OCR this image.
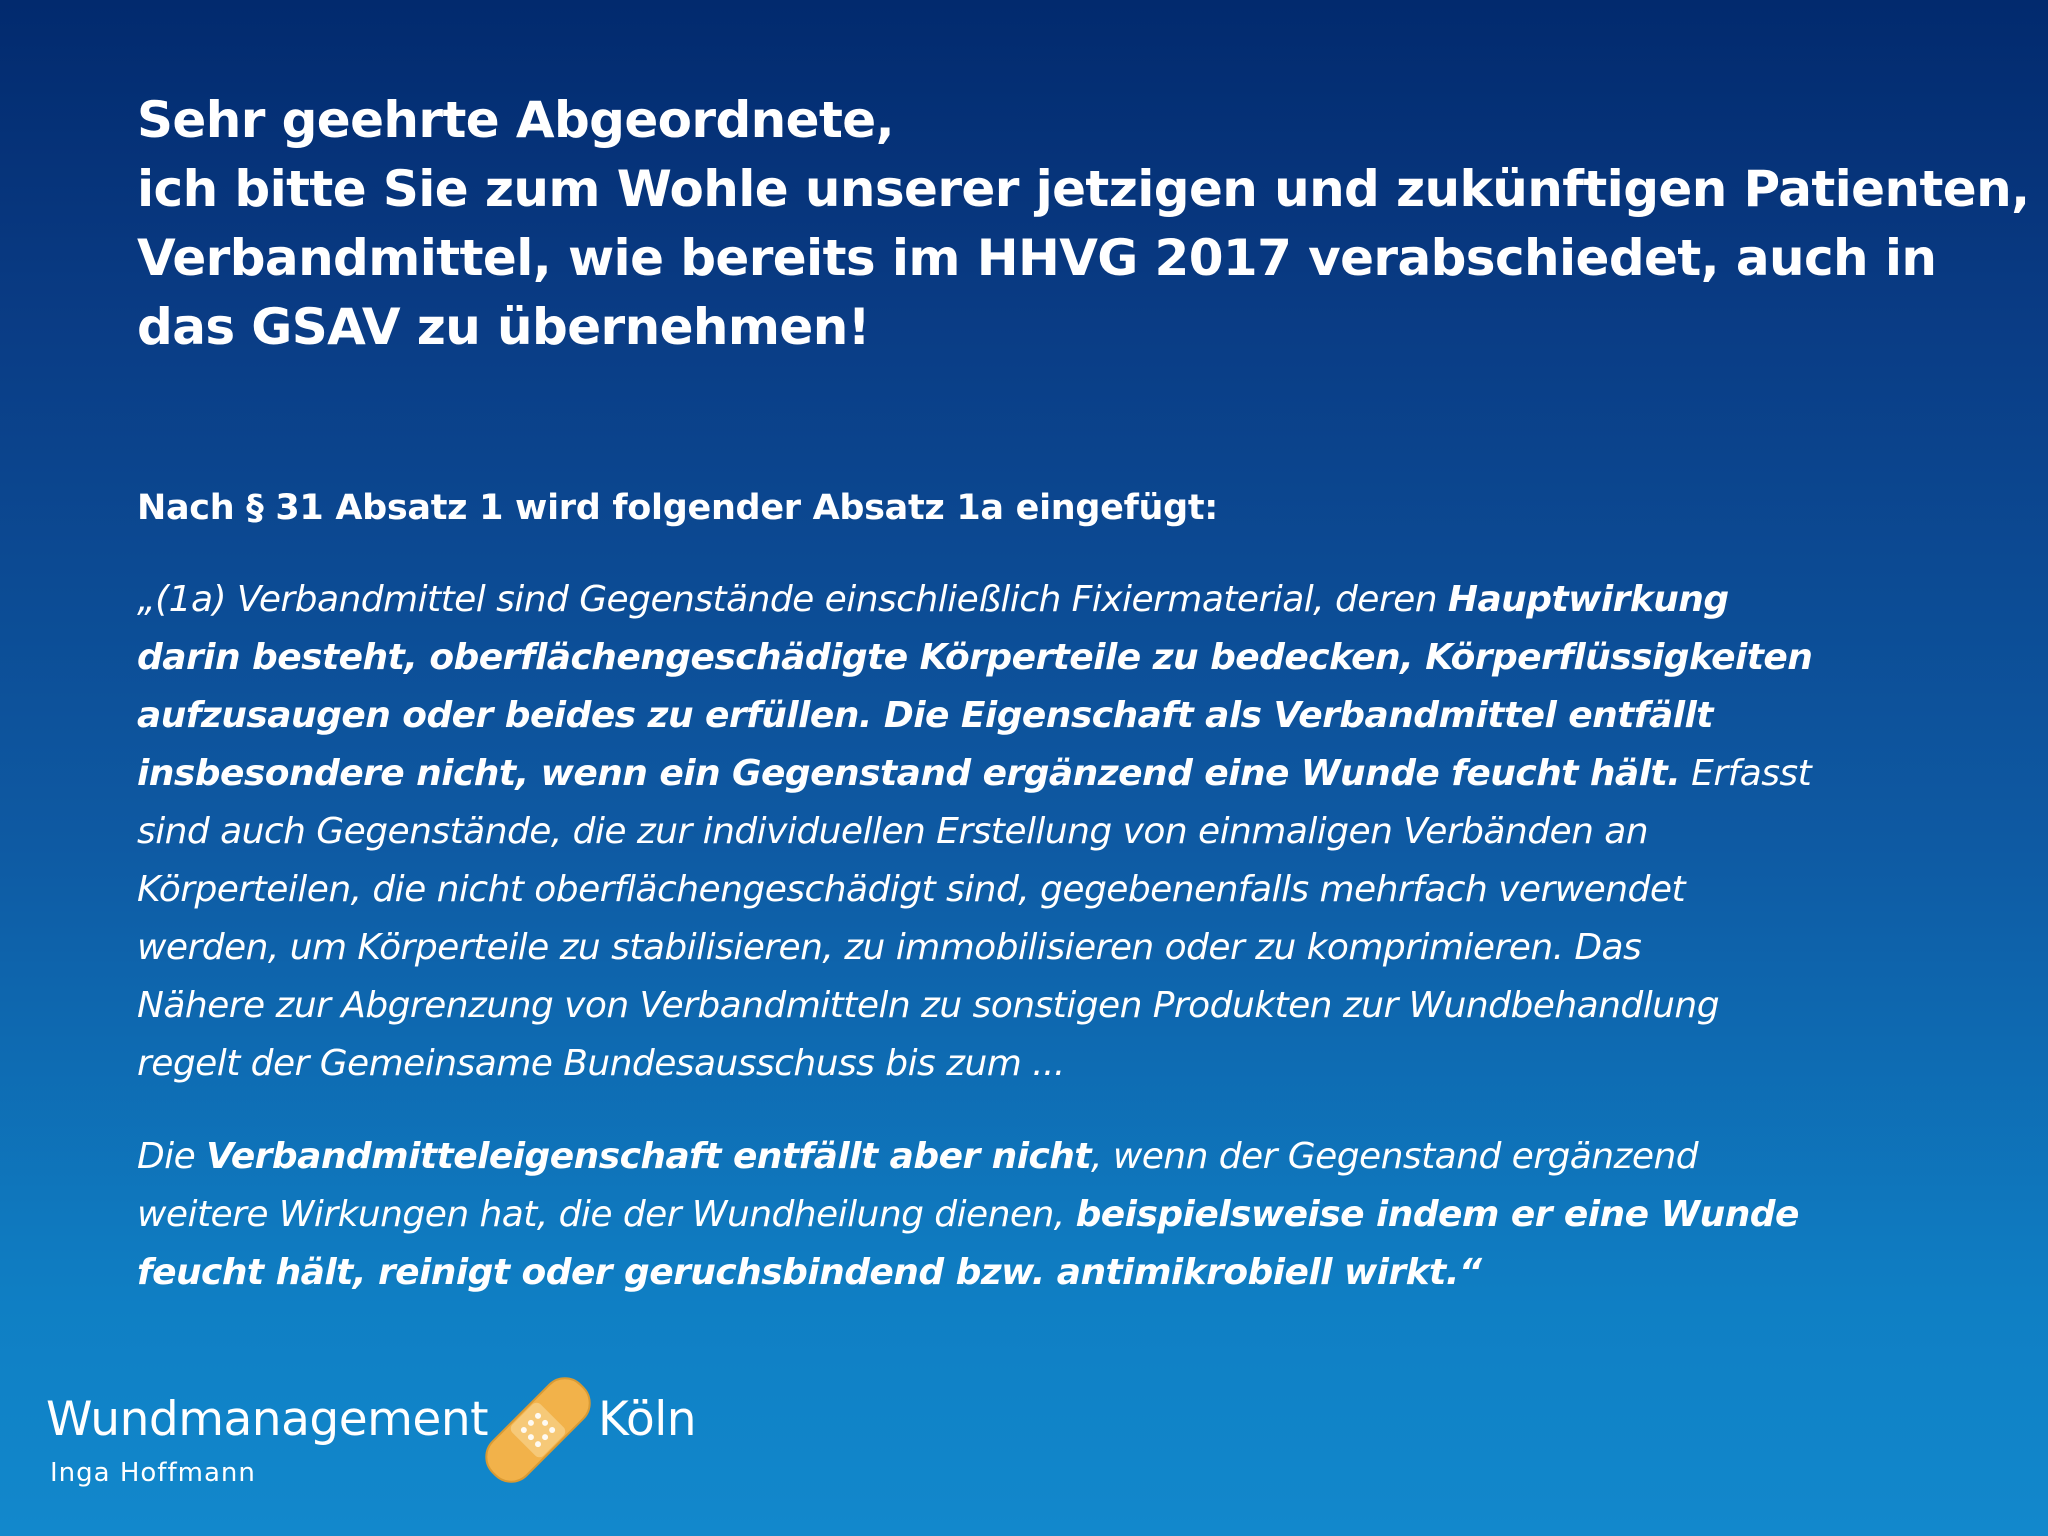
Sehr geehrte Abgeordnete,
ich bitte Sie zum Wohle unserer jetzigen und zukünftigen Patienten,
Verbandmittel, wie bereits im HHVG 2017 verabschiedet, auch in
das GSAV zu übernehmen!

Nach § 31 Absatz 1 wird folgender Absatz 1a eingefügt:

„(1a) Verbandmittel sind Gegenstände einschließlich Fixiermaterial, deren Hauptwirkung
darin besteht, oberflächengeschädigte Körperteile zu bedecken, Körperflüssigkeiten
aufzusaugen oder beides zu erfüllen. Die Eigenschaft als Verbandmittel entfällt
insbesondere nicht, wenn ein Gegenstand ergänzend eine Wunde feucht hält. Erfasst
sind auch Gegenstände, die zur individuellen Erstellung von einmaligen Verbänden an
Körperteilen, die nicht oberflächengeschädigt sind, gegebenenfalls mehrfach verwendet
werden, um Körperteile zu stabilisieren, zu immobilisieren oder zu komprimieren. Das
Nähere zur Abgrenzung von Verbandmitteln zu sonstigen Produkten zur Wundbehandlung
regelt der Gemeinsame Bundesausschuss bis zum ...

Die Verbandmitteleigenschaft entfällt aber nicht, wenn der Gegenstand ergänzend
weitere Wirkungen hat, die der Wundheilung dienen, beispielsweise indem er eine Wunde
feucht hält, reinigt oder geruchsbindend bzw. antimikrobiell wirkt.“

Wundmanagement Köln
Inga Hoffmann
